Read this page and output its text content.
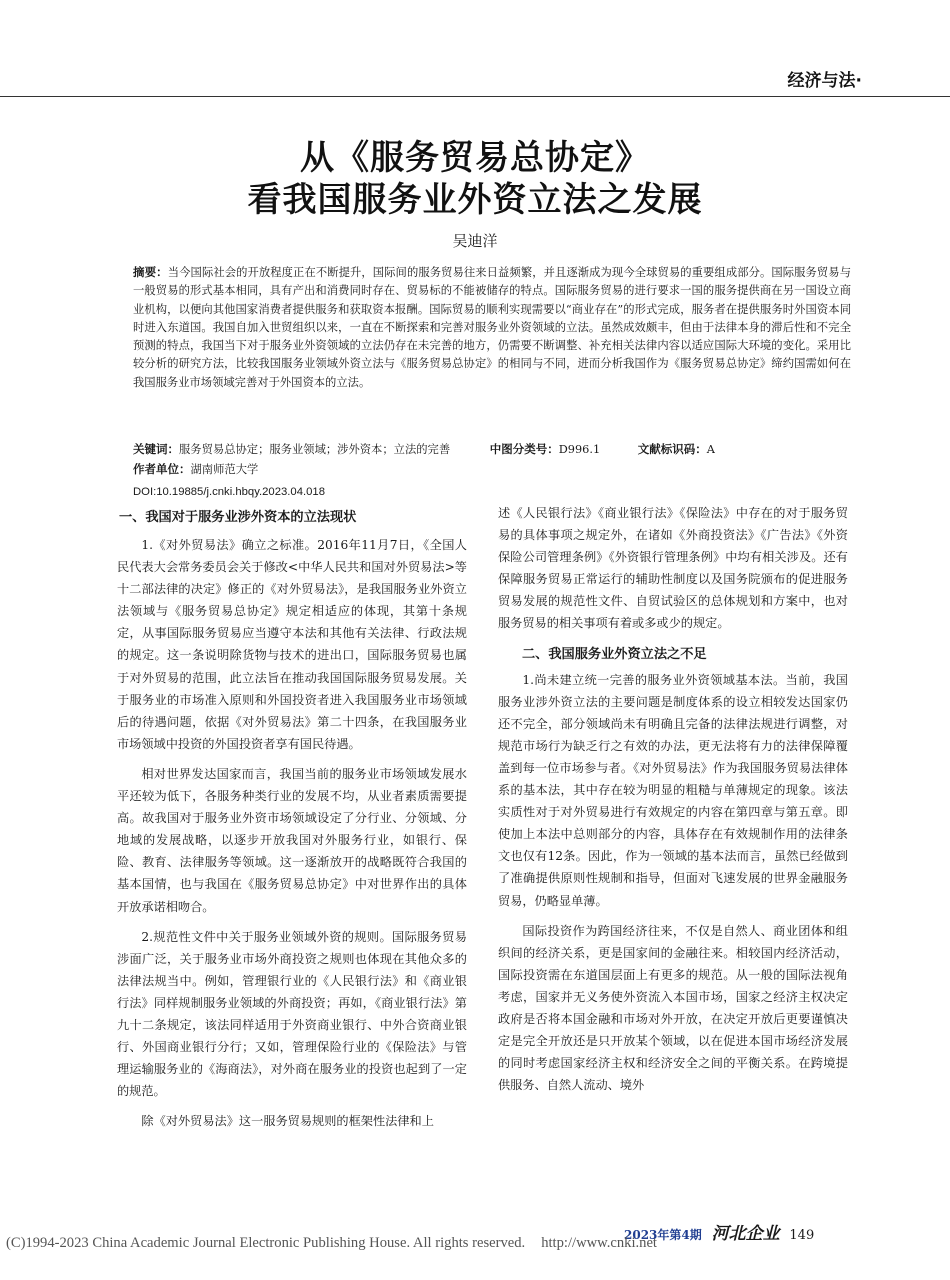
经济与法·
从《服务贸易总协定》
看我国服务业外资立法之发展
吴迪洋
摘要：当今国际社会的开放程度正在不断提升，国际间的服务贸易往来日益频繁，并且逐渐成为现今全球贸易的重要组成部分。国际服务贸易与一般贸易的形式基本相同，具有产出和消费同时存在、贸易标的不能被储存的特点。国际服务贸易的进行要求一国的服务提供商在另一国设立商业机构，以便向其他国家消费者提供服务和获取资本报酬。国际贸易的顺利实现需要以“商业存在”的形式完成，服务者在提供服务时外国资本同时进入东道国。我国自加入世贸组织以来，一直在不断探索和完善对服务业外资领域的立法。虽然成效颇丰，但由于法律本身的滞后性和不完全预测的特点，我国当下对于服务业外资领域的立法仍存在未完善的地方，仍需要不断调整、补充相关法律内容以适应国际大环境的变化。采用比较分析的研究方法，比较我国服务业领域外资立法与《服务贸易总协定》的相同与不同，进而分析我国作为《服务贸易总协定》缔约国需如何在我国服务业市场领域完善对于外国资本的立法。
关键词：服务贸易总协定；服务业领域；涉外资本；立法的完善	中图分类号：D996.1	文献标识码：A
作者单位：湖南师范大学
DOI:10.19885/j.cnki.hbqy.2023.04.018
一、我国对于服务业涉外资本的立法现状

1.《对外贸易法》确立之标准。2016年11月7日，《全国人民代表大会常务委员会关于修改<中华人民共和国对外贸易法>等十二部法律的决定》修正的《对外贸易法》，是我国服务业外资立法领域与《服务贸易总协定》规定相适应的体现，其第十条规定，从事国际服务贸易应当遵守本法和其他有关法律、行政法规的规定。这一条说明除货物与技术的进出口，国际服务贸易也属于对外贸易的范围，此立法旨在推动我国国际服务贸易发展。关于服务业的市场准入原则和外国投资者进入我国服务业市场领域后的待遇问题，依据《对外贸易法》第二十四条，在我国服务业市场领域中投资的外国投资者享有国民待遇。

相对世界发达国家而言，我国当前的服务业市场领域发展水平还较为低下，各服务种类行业的发展不均，从业者素质需要提高。故我国对于服务业外资市场领域设定了分行业、分领域、分地域的发展战略，以逐步开放我国对外服务行业，如银行、保险、教育、法律服务等领域。这一逐渐放开的战略既符合我国的基本国情，也与我国在《服务贸易总协定》中对世界作出的具体开放承诺相吻合。

2.规范性文件中关于服务业领域外资的规则。国际服务贸易涉面广泛，关于服务业市场外商投资之规则也体现在其他众多的法律法规当中。例如，管理银行业的《人民银行法》和《商业银行法》同样规制服务业领域的外商投资；再如，《商业银行法》第九十二条规定，该法同样适用于外资商业银行、中外合资商业银行、外国商业银行分行；又如，管理保险行业的《保险法》与管理运输服务业的《海商法》，对外商在服务业的投资也起到了一定的规范。

除《对外贸易法》这一服务贸易规则的框架性法律和上

述《人民银行法》《商业银行法》《保险法》中存在的对于服务贸易的具体事项之规定外，在诸如《外商投资法》《广告法》《外资保险公司管理条例》《外资银行管理条例》中均有相关涉及。还有保障服务贸易正常运行的辅助性制度以及国务院颁布的促进服务贸易发展的规范性文件、自贸试验区的总体规划和方案中，也对服务贸易的相关事项有着或多或少的规定。

二、我国服务业外资立法之不足

1.尚未建立统一完善的服务业外资领域基本法。当前，我国服务业涉外资立法的主要问题是制度体系的设立相较发达国家仍还不完全，部分领域尚未有明确且完备的法律法规进行调整，对规范市场行为缺乏行之有效的办法，更无法将有力的法律保障覆盖到每一位市场参与者。《对外贸易法》作为我国服务贸易法律体系的基本法，其中存在较为明显的粗糙与单薄规定的现象。该法实质性对于对外贸易进行有效规定的内容在第四章与第五章。即使加上本法中总则部分的内容，具体存在有效规制作用的法律条文也仅有12条。因此，作为一领域的基本法而言，虽然已经做到了准确提供原则性规制和指导，但面对飞速发展的世界金融服务贸易，仍略显单薄。

国际投资作为跨国经济往来，不仅是自然人、商业团体和组织间的经济关系，更是国家间的金融往来。相较国内经济活动，国际投资需在东道国层面上有更多的规范。从一般的国际法视角考虑，国家并无义务使外资流入本国市场，国家之经济主权决定政府是否将本国金融和市场对外开放，在决定开放后更要谨慎决定是完全开放还是只开放某个领域，以在促进本国市场经济发展的同时考虑国家经济主权和经济安全之间的平衡关系。在跨境提供服务、自然人流动、境外

2023年第4期 河北企业 149
(C)1994-2023 China Academic Journal Electronic Publishing House. All rights reserved. http://www.cnki.net
